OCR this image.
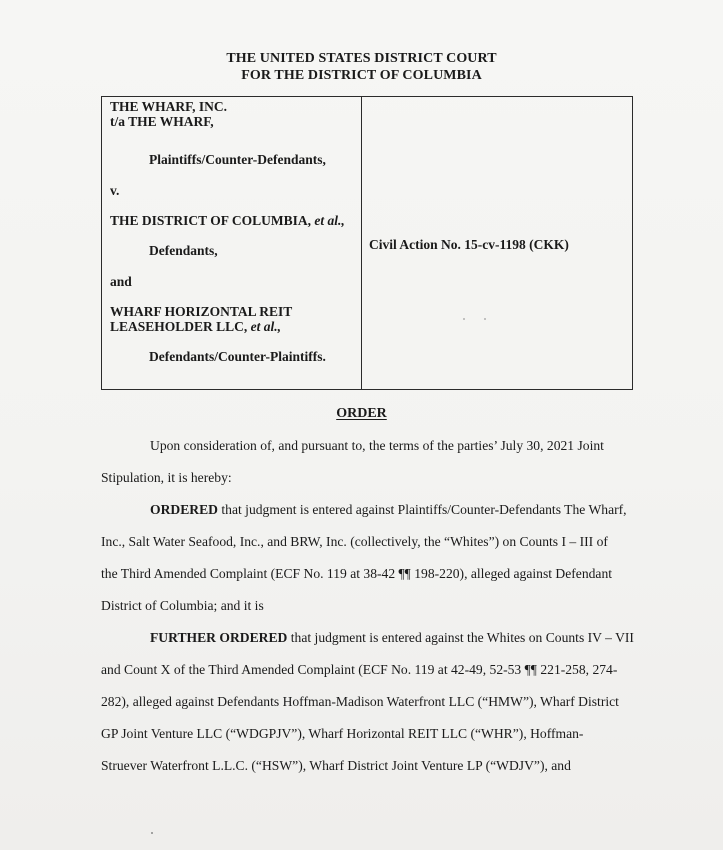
THE UNITED STATES DISTRICT COURT
FOR THE DISTRICT OF COLUMBIA
THE WHARF, INC.
t/a THE WHARF,
Plaintiffs/Counter-Defendants,
v.
THE DISTRICT OF COLUMBIA, et al.,
Defendants,
and
WHARF HORIZONTAL REIT
LEASEHOLDER LLC, et al.,
Defendants/Counter-Plaintiffs.
Civil Action No. 15-cv-1198 (CKK)
ORDER
Upon consideration of, and pursuant to, the terms of the parties’ July 30, 2021 Joint
Stipulation, it is hereby:
ORDERED that judgment is entered against Plaintiffs/Counter-Defendants The Wharf,
Inc., Salt Water Seafood, Inc., and BRW, Inc. (collectively, the “Whites”) on Counts I – III of
the Third Amended Complaint (ECF No. 119 at 38-42 ¶¶ 198-220), alleged against Defendant
District of Columbia; and it is
FURTHER ORDERED that judgment is entered against the Whites on Counts IV – VII
and Count X of the Third Amended Complaint (ECF No. 119 at 42-49, 52-53 ¶¶ 221-258, 274-
282), alleged against Defendants Hoffman-Madison Waterfront LLC (“HMW”), Wharf District
GP Joint Venture LLC (“WDGPJV”), Wharf Horizontal REIT LLC (“WHR”), Hoffman-
Struever Waterfront L.L.C. (“HSW”), Wharf District Joint Venture LP (“WDJV”), and
